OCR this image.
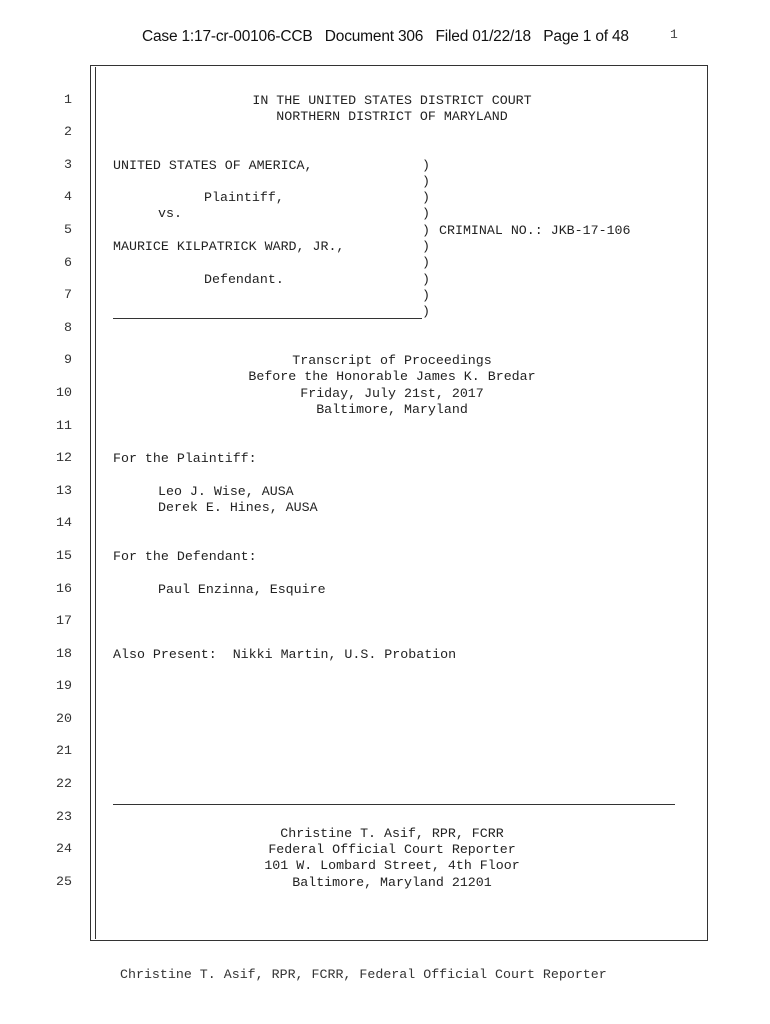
Case 1:17-cr-00106-CCB   Document 306   Filed 01/22/18   Page 1 of 48	1
1
2
3
4
5
6
7
8
9
10
11
12
13
14
15
16
17
18
19
20
21
22
23
24
25
IN THE UNITED STATES DISTRICT COURT
NORTHERN DISTRICT OF MARYLAND
UNITED STATES OF AMERICA,
Plaintiff,
vs.
MAURICE KILPATRICK WARD, JR.,
Defendant.
CRIMINAL NO.: JKB-17-106
)
)
)
)
)
)
)
)
)
)
Transcript of Proceedings
Before the Honorable James K. Bredar
Friday, July 21st, 2017
Baltimore, Maryland
For the Plaintiff:
Leo J. Wise, AUSA
Derek E. Hines, AUSA
For the Defendant:
Paul Enzinna, Esquire
Also Present:  Nikki Martin, U.S. Probation
Christine T. Asif, RPR, FCRR
Federal Official Court Reporter
101 W. Lombard Street, 4th Floor
Baltimore, Maryland 21201
Christine T. Asif, RPR, FCRR, Federal Official Court Reporter
